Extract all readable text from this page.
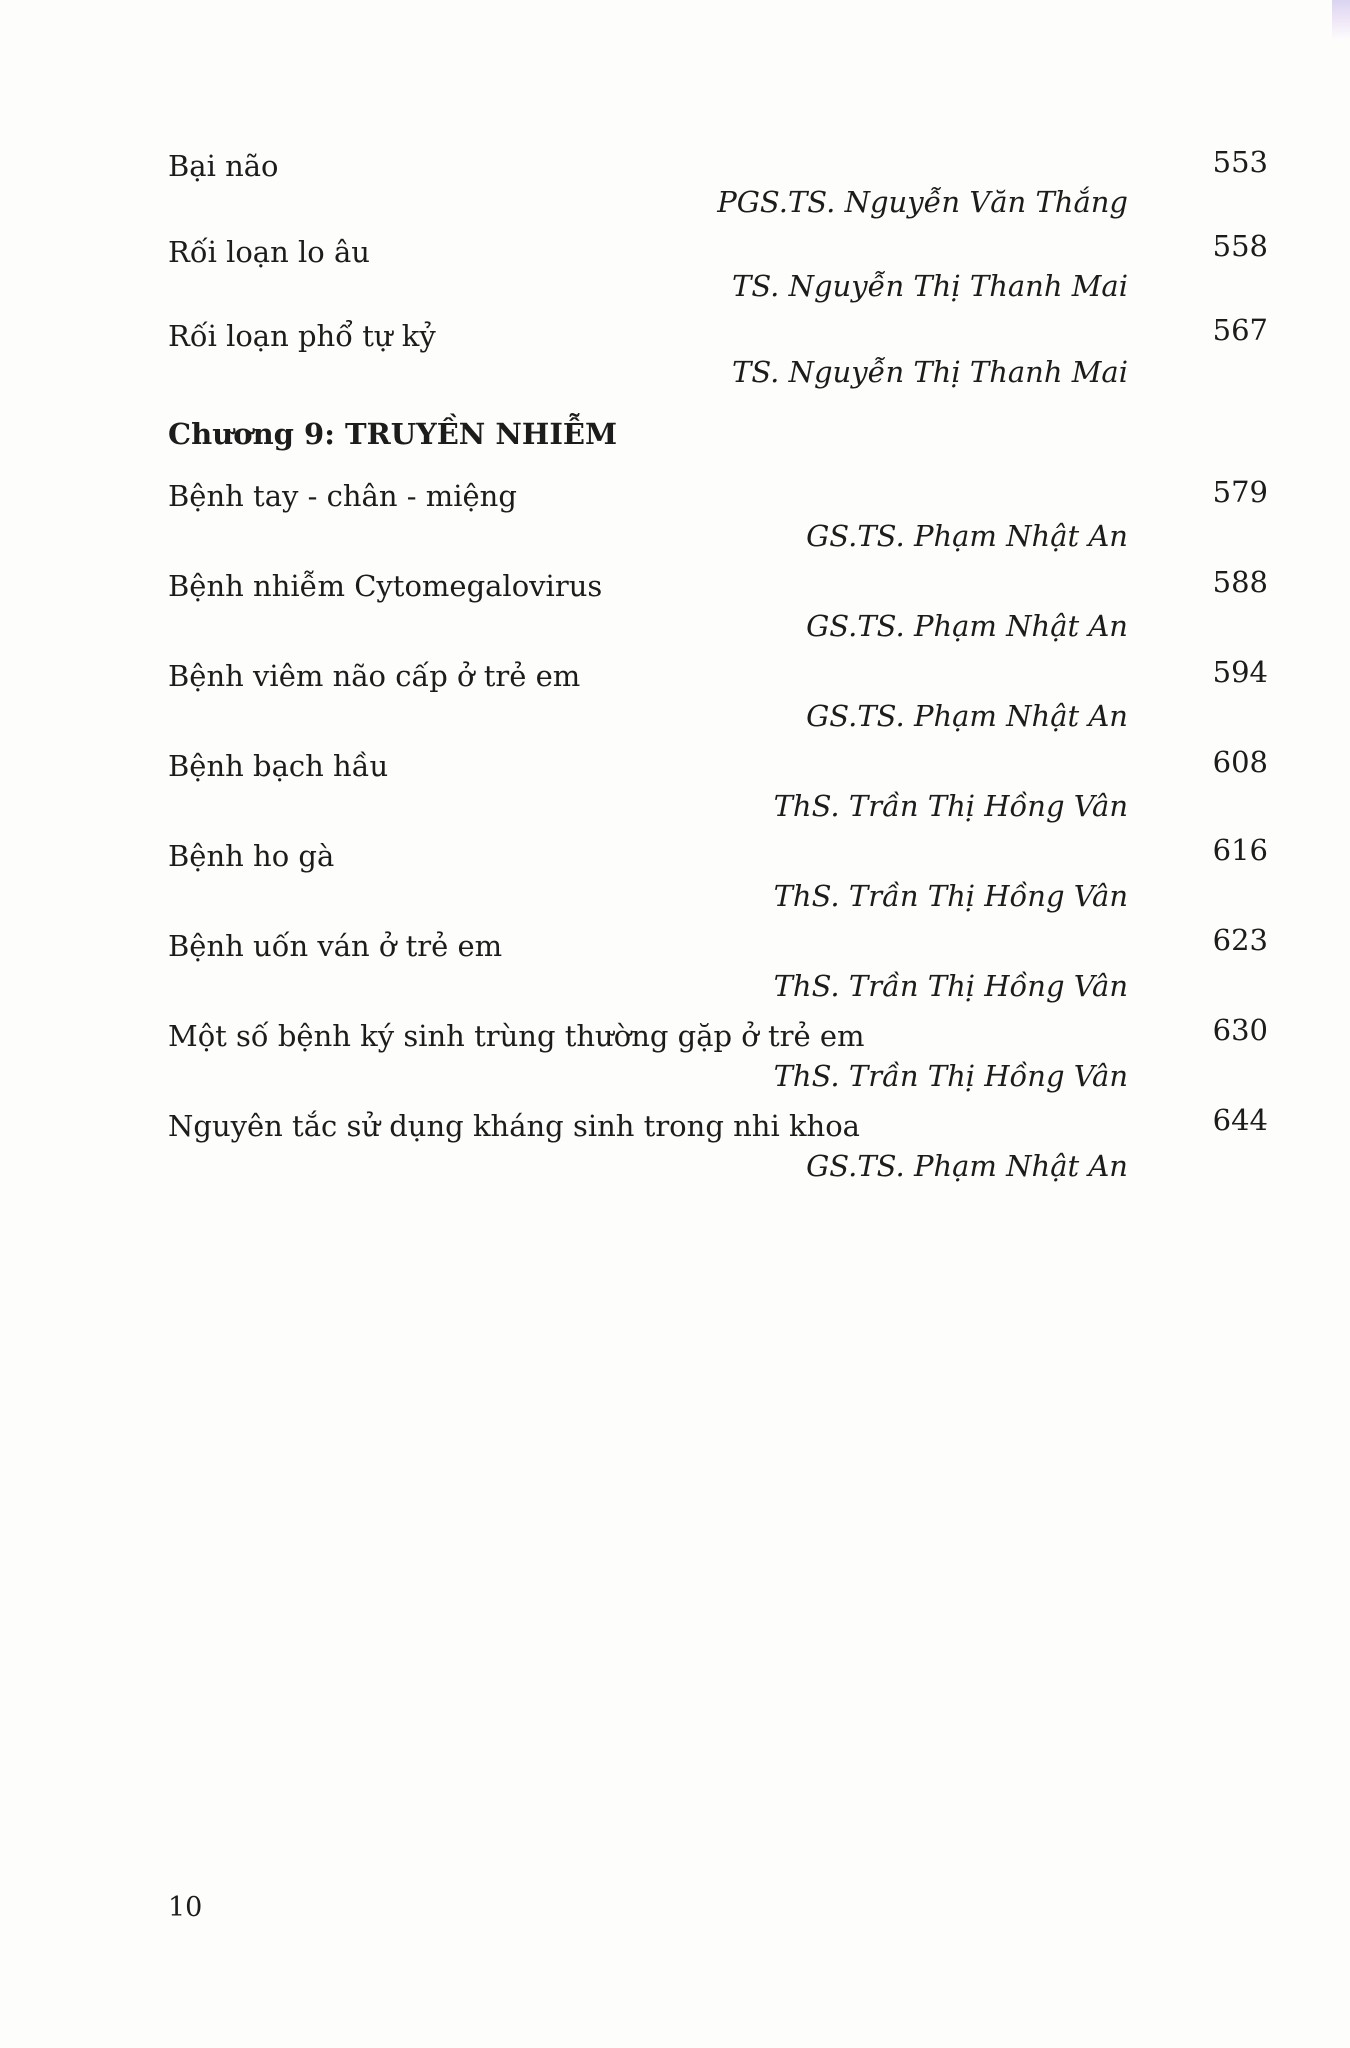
Bại não	553
PGS.TS. Nguyễn Văn Thắng
Rối loạn lo âu	558
TS. Nguyễn Thị Thanh Mai
Rối loạn phổ tự kỷ	567
TS. Nguyễn Thị Thanh Mai
Chương 9: TRUYỀN NHIỄM
Bệnh tay - chân - miệng	579
GS.TS. Phạm Nhật An
Bệnh nhiễm Cytomegalovirus	588
GS.TS. Phạm Nhật An
Bệnh viêm não cấp ở trẻ em	594
GS.TS. Phạm Nhật An
Bệnh bạch hầu	608
ThS. Trần Thị Hồng Vân
Bệnh ho gà	616
ThS. Trần Thị Hồng Vân
Bệnh uốn ván ở trẻ em	623
ThS. Trần Thị Hồng Vân
Một số bệnh ký sinh trùng thường gặp ở trẻ em	630
ThS. Trần Thị Hồng Vân
Nguyên tắc sử dụng kháng sinh trong nhi khoa	644
GS.TS. Phạm Nhật An
10
